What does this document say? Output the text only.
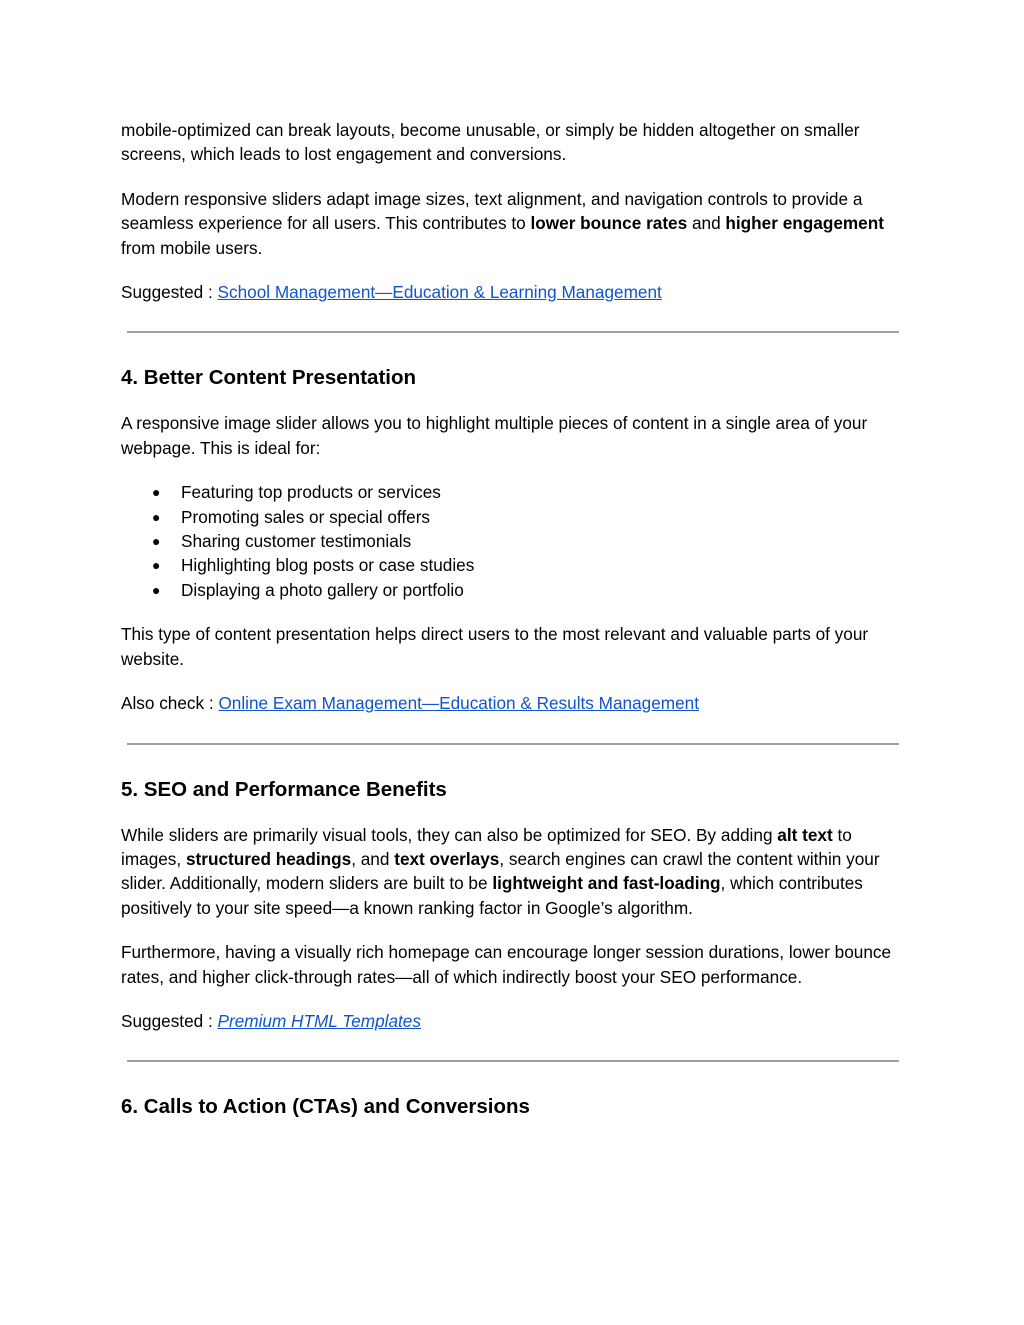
mobile-optimized can break layouts, become unusable, or simply be hidden altogether on smaller screens, which leads to lost engagement and conversions.

Modern responsive sliders adapt image sizes, text alignment, and navigation controls to provide a seamless experience for all users. This contributes to lower bounce rates and higher engagement from mobile users.

Suggested : School Management—Education & Learning Management

4. Better Content Presentation

A responsive image slider allows you to highlight multiple pieces of content in a single area of your webpage. This is ideal for:

● Featuring top products or services
● Promoting sales or special offers
● Sharing customer testimonials
● Highlighting blog posts or case studies
● Displaying a photo gallery or portfolio

This type of content presentation helps direct users to the most relevant and valuable parts of your website.

Also check : Online Exam Management—Education & Results Management

5. SEO and Performance Benefits

While sliders are primarily visual tools, they can also be optimized for SEO. By adding alt text to images, structured headings, and text overlays, search engines can crawl the content within your slider. Additionally, modern sliders are built to be lightweight and fast-loading, which contributes positively to your site speed—a known ranking factor in Google’s algorithm.

Furthermore, having a visually rich homepage can encourage longer session durations, lower bounce rates, and higher click-through rates—all of which indirectly boost your SEO performance.

Suggested : Premium HTML Templates

6. Calls to Action (CTAs) and Conversions
